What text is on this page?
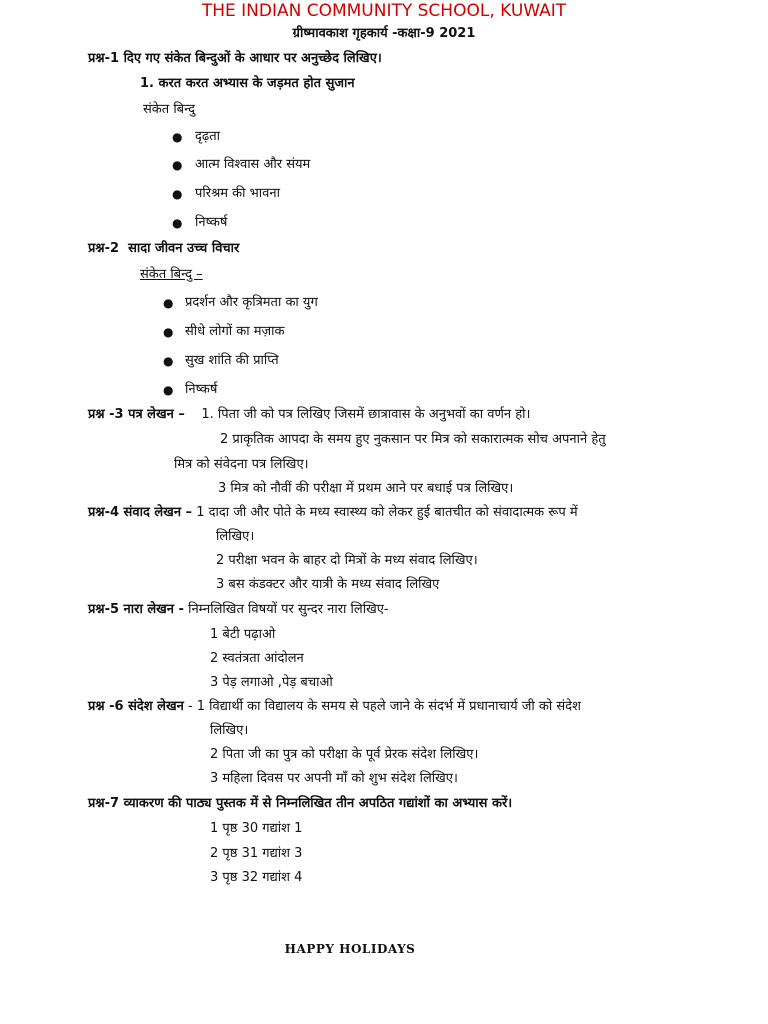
THE INDIAN COMMUNITY SCHOOL, KUWAIT
ग्रीष्मावकाश गृहकार्य -कक्षा-9 2021
प्रश्न-1 दिए गए संकेत बिन्दुओं के आधार पर अनुच्छेद लिखिए।
1. करत करत अभ्यास के जड़मत होत सुजान
संकेत बिन्दु
● दृढ़ता
● आत्म विश्वास और संयम
● परिश्रम की भावना
● निष्कर्ष
प्रश्न-2 सादा जीवन उच्च विचार
संकेत बिन्दु –
● प्रदर्शन और कृत्रिमता का युग
● सीधे लोगों का मज़ाक
● सुख शांति की प्राप्ति
● निष्कर्ष
प्रश्न -3 पत्र लेखन – 1. पिता जी को पत्र लिखिए जिसमें छात्रावास के अनुभवों का वर्णन हो।
2 प्राकृतिक आपदा के समय हुए नुकसान पर मित्र को सकारात्मक सोच अपनाने हेतु
मित्र को संवेदना पत्र लिखिए।
3 मित्र को नौवीं की परीक्षा में प्रथम आने पर बधाई पत्र लिखिए।
प्रश्न-4 संवाद लेखन – 1 दादा जी और पोते के मध्य स्वास्थ्य को लेकर हुई बातचीत को संवादात्मक रूप में
लिखिए।
2 परीक्षा भवन के बाहर दो मित्रों के मध्य संवाद लिखिए।
3 बस कंडक्टर और यात्री के मध्य संवाद लिखिए
प्रश्न-5 नारा लेखन - निम्नलिखित विषयों पर सुन्दर नारा लिखिए-
1 बेटी पढ़ाओ
2 स्वतंत्रता आंदोलन
3 पेड़ लगाओ ,पेड़ बचाओ
प्रश्न -6 संदेश लेखन - 1 विद्यार्थी का विद्यालय के समय से पहले जाने के संदर्भ में प्रधानाचार्य जी को संदेश
लिखिए।
2 पिता जी का पुत्र को परीक्षा के पूर्व प्रेरक संदेश लिखिए।
3 महिला दिवस पर अपनी माँ को शुभ संदेश लिखिए।
प्रश्न-7 व्याकरण की पाठ्य पुस्तक में से निम्नलिखित तीन अपठित गद्यांशों का अभ्यास करें।
1 पृष्ठ 30 गद्यांश 1
2 पृष्ठ 31 गद्यांश 3
3 पृष्ठ 32 गद्यांश 4
HAPPY HOLIDAYS
